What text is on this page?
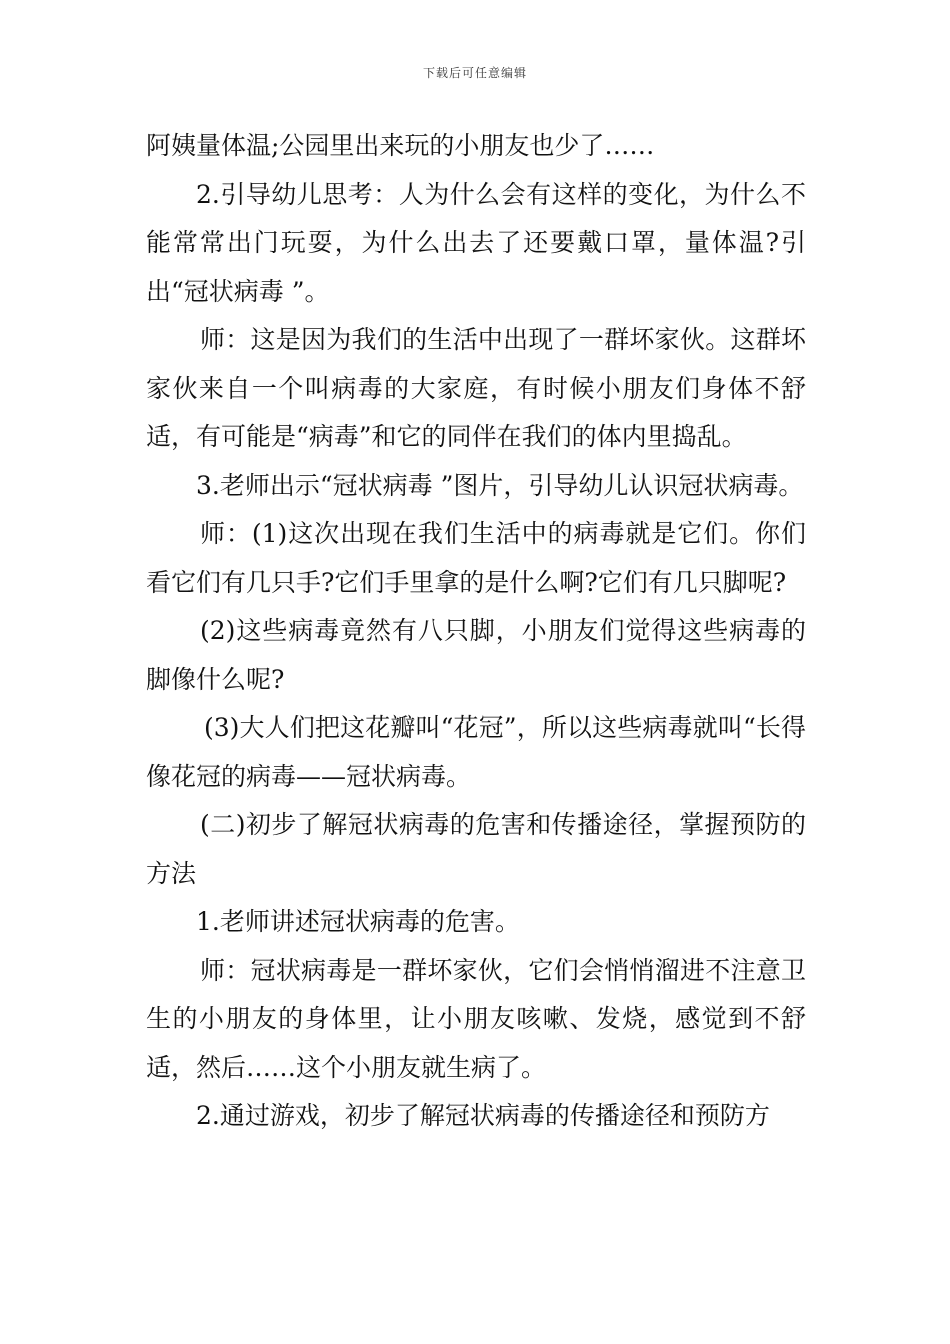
下载后可任意编辑

阿姨量体温;公园里出来玩的小朋友也少了……

2.引导幼儿思考：人为什么会有这样的变化，为什么不能常常出门玩耍，为什么出去了还要戴口罩，量体温?引出“冠状病毒 ”。

师：这是因为我们的生活中出现了一群坏家伙。这群坏家伙来自一个叫病毒的大家庭，有时候小朋友们身体不舒适，有可能是“病毒”和它的同伴在我们的体内里捣乱。

3.老师出示“冠状病毒 ”图片，引导幼儿认识冠状病毒。

师：(1)这次出现在我们生活中的病毒就是它们。你们看它们有几只手?它们手里拿的是什么啊?它们有几只脚呢?

(2)这些病毒竟然有八只脚，小朋友们觉得这些病毒的脚像什么呢?

(3)大人们把这花瓣叫“花冠”，所以这些病毒就叫“长得像花冠的病毒——冠状病毒。

(二)初步了解冠状病毒的危害和传播途径，掌握预防的方法

1.老师讲述冠状病毒的危害。

师：冠状病毒是一群坏家伙，它们会悄悄溜进不注意卫生的小朋友的身体里，让小朋友咳嗽、发烧，感觉到不舒适，然后……这个小朋友就生病了。

2.通过游戏，初步了解冠状病毒的传播途径和预防方
